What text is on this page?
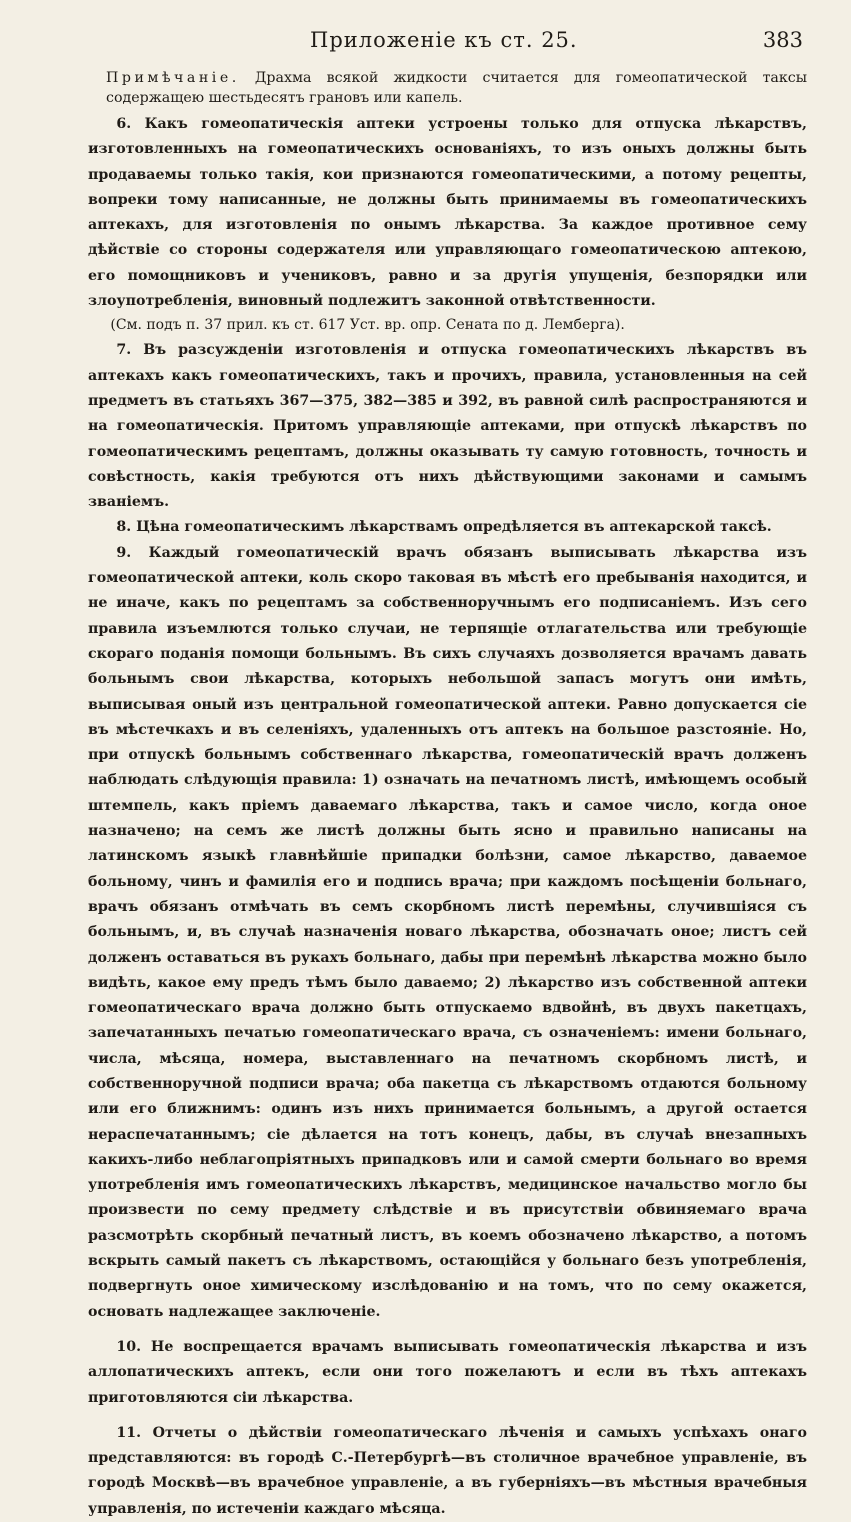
Приложеніе къ ст. 25.	383

Примѣчаніе. Драхма всякой жидкости считается для гомеопатической таксы содержащею шестьдесятъ грановъ или капель.

6. Какъ гомеопатическія аптеки устроены только для отпуска лѣкарствъ, изготовленныхъ на гомеопатическихъ основаніяхъ, то изъ оныхъ должны быть продаваемы только такія, кои признаются гомеопатическими, а потому рецепты, вопреки тому написанные, не должны быть принимаемы въ гомеопатическихъ аптекахъ, для изготовленія по онымъ лѣкарства. За каждое противное сему дѣйствіе со стороны содержателя или управляющаго гомеопатическою аптекою, его помощниковъ и учениковъ, равно и за другія упущенія, безпорядки или злоупотребленія, виновный подлежитъ законной отвѣтственности.

(См. подъ п. 37 прил. къ ст. 617 Уст. вр. опр. Сената по д. Лемберга).

7. Въ разсужденіи изготовленія и отпуска гомеопатическихъ лѣкарствъ въ аптекахъ какъ гомеопатическихъ, такъ и прочихъ, правила, установленныя на сей предметъ въ статьяхъ 367—375, 382—385 и 392, въ равной силѣ распространяются и на гомеопатическія. Притомъ управляющіе аптеками, при отпускѣ лѣкарствъ по гомеопатическимъ рецептамъ, должны оказывать ту самую готовность, точность и совѣстность, какія требуются отъ нихъ дѣйствующими законами и самымъ званіемъ.

8. Цѣна гомеопатическимъ лѣкарствамъ опредѣляется въ аптекарской таксѣ.

9. Каждый гомеопатическій врачъ обязанъ выписывать лѣкарства изъ гомеопатической аптеки, коль скоро таковая въ мѣстѣ его пребыванія находится, и не иначе, какъ по рецептамъ за собственноручнымъ его подписаніемъ. Изъ сего правила изъемлются только случаи, не терпящіе отлагательства или требующіе скораго поданія помощи больнымъ. Въ сихъ случаяхъ дозволяется врачамъ давать больнымъ свои лѣкарства, которыхъ небольшой запасъ могутъ они имѣть, выписывая оный изъ центральной гомеопатической аптеки. Равно допускается сіе въ мѣстечкахъ и въ селеніяхъ, удаленныхъ отъ аптекъ на большое разстояніе. Но, при отпускѣ больнымъ собственнаго лѣкарства, гомеопатическій врачъ долженъ наблюдать слѣдующія правила: 1) означать на печатномъ листѣ, имѣющемъ особый штемпель, какъ пріемъ даваемаго лѣкарства, такъ и самое число, когда оное назначено; на семъ же листѣ должны быть ясно и правильно написаны на латинскомъ языкѣ главнѣйшіе припадки болѣзни, самое лѣкарство, даваемое больному, чинъ и фамилія его и подпись врача; при каждомъ посѣщеніи больнаго, врачъ обязанъ отмѣчать въ семъ скорбномъ листѣ перемѣны, случившіяся съ больнымъ, и, въ случаѣ назначенія новаго лѣкарства, обозначать оное; листъ сей долженъ оставаться въ рукахъ больнаго, дабы при перемѣнѣ лѣкарства можно было видѣть, какое ему предъ тѣмъ было даваемо; 2) лѣкарство изъ собственной аптеки гомеопатическаго врача должно быть отпускаемо вдвойнѣ, въ двухъ пакетцахъ, запечатанныхъ печатью гомеопатическаго врача, съ означеніемъ: имени больнаго, числа, мѣсяца, номера, выставленнаго на печатномъ скорбномъ листѣ, и собственноручной подписи врача; оба пакетца съ лѣкарствомъ отдаются больному или его ближнимъ: одинъ изъ нихъ принимается больнымъ, а другой остается нераспечатаннымъ; сіе дѣлается на тотъ конецъ, дабы, въ случаѣ внезапныхъ какихъ-либо неблагопріятныхъ припадковъ или и самой смерти больнаго во время употребленія имъ гомеопатическихъ лѣкарствъ, медицинское начальство могло бы произвести по сему предмету слѣдствіе и въ присутствіи обвиняемаго врача разсмотрѣть скорбный печатный листъ, въ коемъ обозначено лѣкарство, а потомъ вскрыть самый пакетъ съ лѣкарствомъ, остающійся у больнаго безъ употребленія, подвергнуть оное химическому изслѣдованію и на томъ, что по сему окажется, основать надлежащее заключеніе.

10. Не воспрещается врачамъ выписывать гомеопатическія лѣкарства и изъ аллопатическихъ аптекъ, если они того пожелаютъ и если въ тѣхъ аптекахъ приготовляются сіи лѣкарства.

11. Отчеты о дѣйствіи гомеопатическаго лѣченія и самыхъ успѣхахъ онаго представляются: въ городѣ С.-Петербургѣ—въ столичное врачебное управленіе, въ городѣ Москвѣ—въ врачебное управленіе, а въ губерніяхъ—въ мѣстныя врачебныя управленія, по истеченіи каждаго мѣсяца.
